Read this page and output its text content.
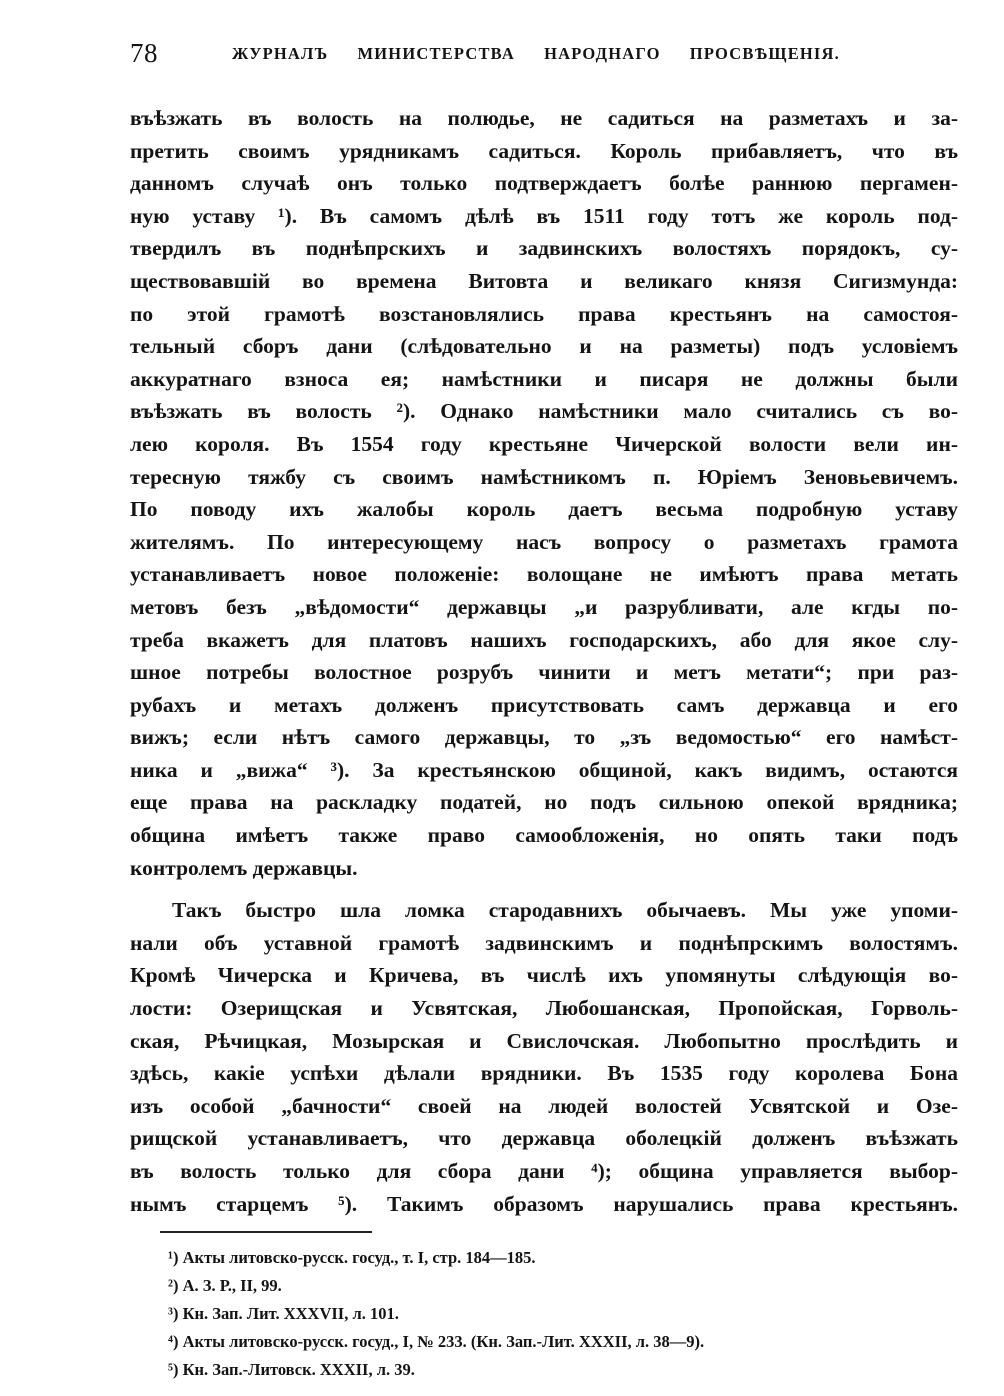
78	ЖУРНАЛЪ МИНИСТЕРСТВА НАРОДНАГО ПРОСВѢЩЕНІЯ.
въѣзжать въ волость на полюдье, не садиться на разметахъ и за-
претить своимъ урядникамъ садиться. Король прибавляетъ, что въ
данномъ случаѣ онъ только подтверждаетъ болѣе раннюю пергамен-
ную уставу ¹). Въ самомъ дѣлѣ въ 1511 году тотъ же король под-
твердилъ въ поднѣпрскихъ и задвинскихъ волостяхъ порядокъ, су-
ществовавшій во времена Витовта и великаго князя Сигизмунда:
по этой грамотѣ возстановлялись права крестьянъ на самостоя-
тельный сборъ дани (слѣдовательно и на разметы) подъ условіемъ
аккуратнаго взноса ея; намѣстники и писаря не должны были
въѣзжать въ волость ²). Однако намѣстники мало считались съ во-
лею короля. Въ 1554 году крестьяне Чичерской волости вели ин-
тересную тяжбу съ своимъ намѣстникомъ п. Юріемъ Зеновьевичемъ.
По поводу ихъ жалобы король даетъ весьма подробную уставу
жителямъ. По интересующему насъ вопросу о разметахъ грамота
устанавливаетъ новое положеніе: волощане не имѣютъ права метать
метовъ безъ „вѣдомости“ державцы „и разрубливати, але кгды по-
треба вкажетъ для платовъ нашихъ господарскихъ, або для якое слу-
шное потребы волостное розрубъ чинити и метъ метати“; при раз-
рубахъ и метахъ долженъ присутствовать самъ державца и его
вижъ; если нѣтъ самого державцы, то „зъ ведомостью“ его намѣст-
ника и „вижа“ ³). За крестьянскою общиной, какъ видимъ, остаются
еще права на раскладку податей, но подъ сильною опекой врядника;
община имѣетъ также право самообложенія, но опять таки подъ
контролемъ державцы.
Такъ быстро шла ломка стародавнихъ обычаевъ. Мы уже упоми-
нали объ уставной грамотѣ задвинскимъ и поднѣпрскимъ волостямъ.
Кромѣ Чичерска и Кричева, въ числѣ ихъ упомянуты слѣдующія во-
лости: Озерищская и Усвятская, Любошанская, Пропойская, Горволь-
ская, Рѣчицкая, Мозырская и Свислочская. Любопытно прослѣдить и
здѣсь, какіе успѣхи дѣлали врядники. Въ 1535 году королева Бона
изъ особой „бачности“ своей на людей волостей Усвятской и Озе-
рищской устанавливаетъ, что державца оболецкій долженъ въѣзжать
въ волость только для сбора дани ⁴); община управляется выбор-
нымъ старцемъ ⁵). Такимъ образомъ нарушались права крестьянъ.
¹) Акты литовско-русск. госуд., т. I, стр. 184—185.
²) А. З. Р., II, 99.
³) Кн. Зап. Лит. XXXVII, л. 101.
⁴) Акты литовско-русск. госуд., I, № 233. (Кн. Зап.-Лит. XXXII, л. 38—9).
⁵) Кн. Зап.-Литовск. XXXII, л. 39.
